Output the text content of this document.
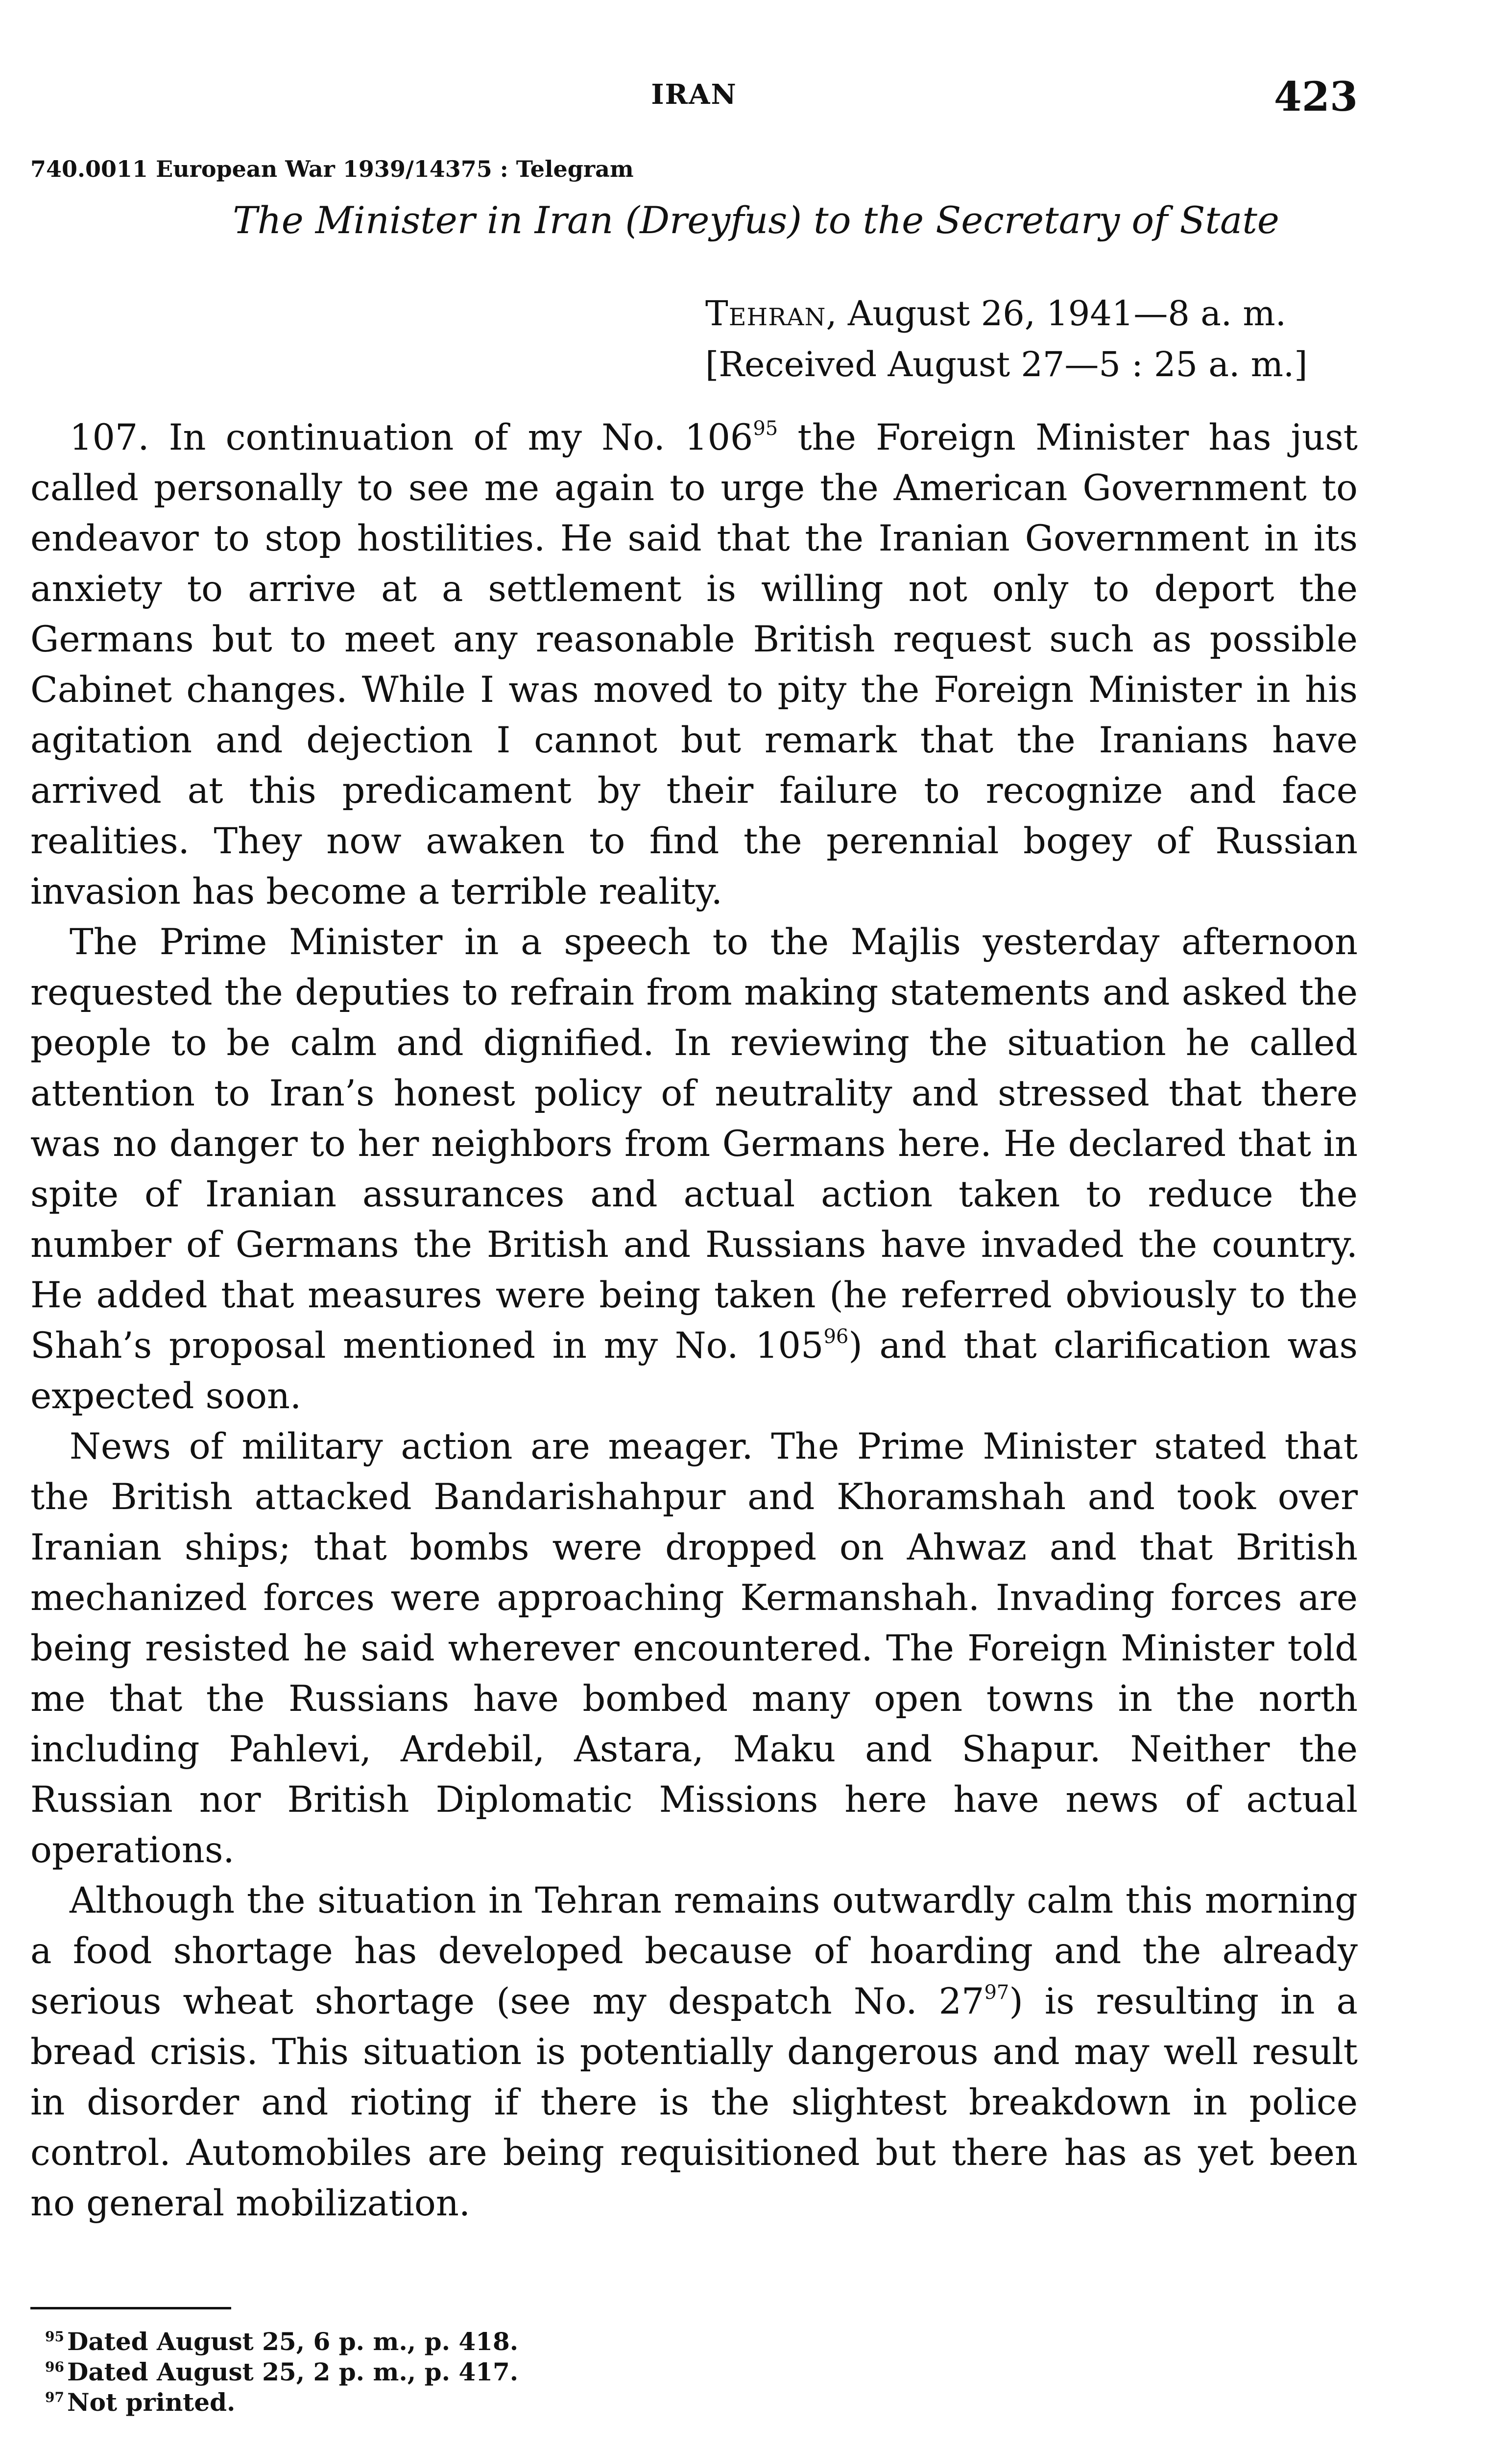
IRAN	423
740.0011 European War 1939/14375 : Telegram
The Minister in Iran (Dreyfus) to the Secretary of State
Tehran, August 26, 1941—8 a. m.
[Received August 27—5 : 25 a. m.]

107. In continuation of my No. $106^{95}$ the Foreign Minister has just called personally to see me again to urge the American Government to endeavor to stop hostilities. He said that the Iranian Government in its anxiety to arrive at a settlement is willing not only to deport the Germans but to meet any reasonable British request such as possible Cabinet changes. While I was moved to pity the Foreign Minister in his agitation and dejection I cannot but remark that the Iranians have arrived at this predicament by their failure to recognize and face realities. They now awaken to find the perennial bogey of Russian invasion has become a terrible reality.

The Prime Minister in a speech to the Majlis yesterday afternoon requested the deputies to refrain from making statements and asked the people to be calm and dignified. In reviewing the situation he called attention to Iran’s honest policy of neutrality and stressed that there was no danger to her neighbors from Germans here. He declared that in spite of Iranian assurances and actual action taken to reduce the number of Germans the British and Russians have invaded the country. He added that measures were being taken (he referred obviously to the Shah’s proposal mentioned in my No. $105^{96}$) and that clarification was expected soon.

News of military action are meager. The Prime Minister stated that the British attacked Bandarishahpur and Khoramshah and took over Iranian ships; that bombs were dropped on Ahwaz and that British mechanized forces were approaching Kermanshah. Invading forces are being resisted he said wherever encountered. The Foreign Minister told me that the Russians have bombed many open towns in the north including Pahlevi, Ardebil, Astara, Maku and Shapur. Neither the Russian nor British Diplomatic Missions here have news of actual operations.

Although the situation in Tehran remains outwardly calm this morning a food shortage has developed because of hoarding and the already serious wheat shortage (see my despatch No. $27^{97}$) is resulting in a bread crisis. This situation is potentially dangerous and may well result in disorder and rioting if there is the slightest breakdown in police control. Automobiles are being requisitioned but there has as yet been no general mobilization.

$^{95}$ Dated August 25, 6 p. m., p. 418.
$^{96}$ Dated August 25, 2 p. m., p. 417.
$^{97}$ Not printed.
